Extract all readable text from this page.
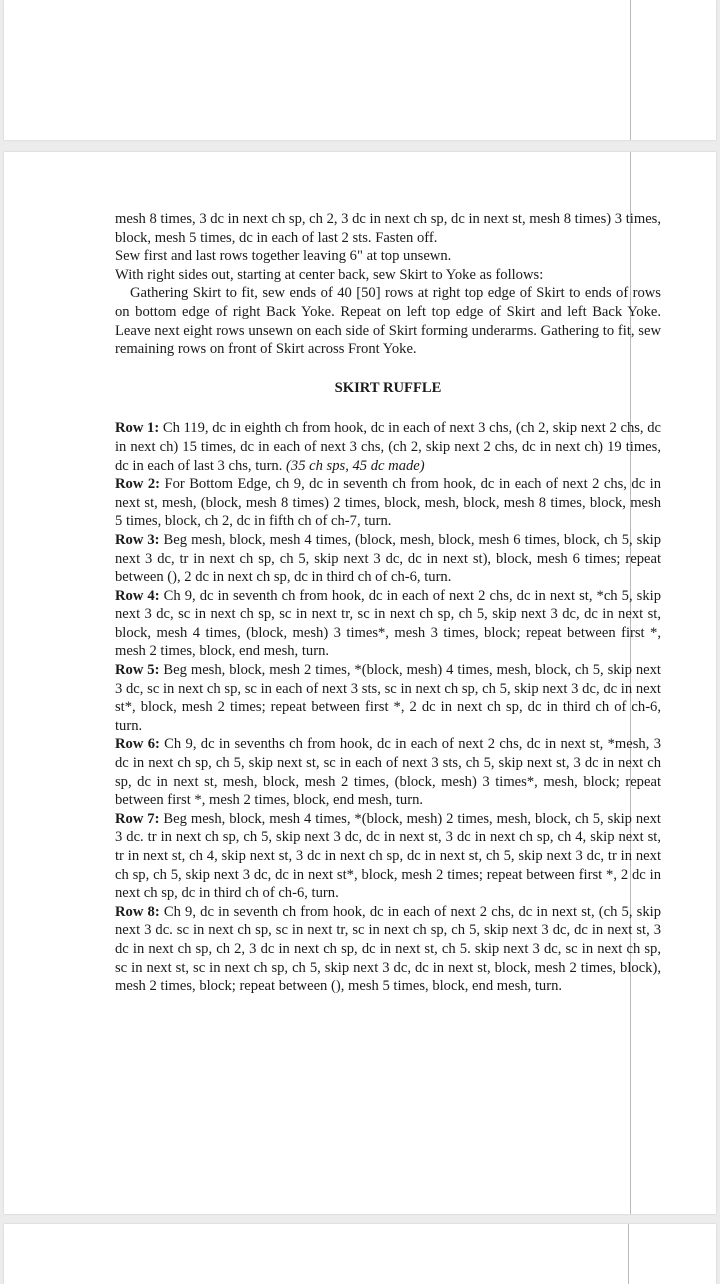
mesh 8 times, 3 dc in next ch sp, ch 2, 3 dc in next ch sp, dc in next st, mesh 8 times) 3 times, block, mesh 5 times, dc in each of last 2 sts. Fasten off.

Sew first and last rows together leaving 6" at top unsewn.

With right sides out, starting at center back, sew Skirt to Yoke as follows:

Gathering Skirt to fit, sew ends of 40 [50] rows at right top edge of Skirt to ends of rows on bottom edge of right Back Yoke. Repeat on left top edge of Skirt and left Back Yoke. Leave next eight rows unsewn on each side of Skirt forming underarms. Gathering to fit, sew remaining rows on front of Skirt across Front Yoke.

SKIRT RUFFLE

Row 1: Ch 119, dc in eighth ch from hook, dc in each of next 3 chs, (ch 2, skip next 2 chs, dc in next ch) 15 times, dc in each of next 3 chs, (ch 2, skip next 2 chs, dc in next ch) 19 times, dc in each of last 3 chs, turn. (35 ch sps, 45 dc made)

Row 2: For Bottom Edge, ch 9, dc in seventh ch from hook, dc in each of next 2 chs, dc in next st, mesh, (block, mesh 8 times) 2 times, block, mesh, block, mesh 8 times, block, mesh 5 times, block, ch 2, dc in fifth ch of ch-7, turn.

Row 3: Beg mesh, block, mesh 4 times, (block, mesh, block, mesh 6 times, block, ch 5, skip next 3 dc, tr in next ch sp, ch 5, skip next 3 dc, dc in next st), block, mesh 6 times; repeat between (), 2 dc in next ch sp, dc in third ch of ch-6, turn.

Row 4: Ch 9, dc in seventh ch from hook, dc in each of next 2 chs, dc in next st, *ch 5, skip next 3 dc, sc in next ch sp, sc in next tr, sc in next ch sp, ch 5, skip next 3 dc, dc in next st, block, mesh 4 times, (block, mesh) 3 times*, mesh 3 times, block; repeat between first *, mesh 2 times, block, end mesh, turn.

Row 5: Beg mesh, block, mesh 2 times, *(block, mesh) 4 times, mesh, block, ch 5, skip next 3 dc, sc in next ch sp, sc in each of next 3 sts, sc in next ch sp, ch 5, skip next 3 dc, dc in next st*, block, mesh 2 times; repeat between first *, 2 dc in next ch sp, dc in third ch of ch-6, turn.

Row 6: Ch 9, dc in sevenths ch from hook, dc in each of next 2 chs, dc in next st, *mesh, 3 dc in next ch sp, ch 5, skip next st, sc in each of next 3 sts, ch 5, skip next st, 3 dc in next ch sp, dc in next st, mesh, block, mesh 2 times, (block, mesh) 3 times*, mesh, block; repeat between first *, mesh 2 times, block, end mesh, turn.

Row 7: Beg mesh, block, mesh 4 times, *(block, mesh) 2 times, mesh, block, ch 5, skip next 3 dc. tr in next ch sp, ch 5, skip next 3 dc, dc in next st, 3 dc in next ch sp, ch 4, skip next st, tr in next st, ch 4, skip next st, 3 dc in next ch sp, dc in next st, ch 5, skip next 3 dc, tr in next ch sp, ch 5, skip next 3 dc, dc in next st*, block, mesh 2 times; repeat between first *, 2 dc in next ch sp, dc in third ch of ch-6, turn.

Row 8: Ch 9, dc in seventh ch from hook, dc in each of next 2 chs, dc in next st, (ch 5, skip next 3 dc. sc in next ch sp, sc in next tr, sc in next ch sp, ch 5, skip next 3 dc, dc in next st, 3 dc in next ch sp, ch 2, 3 dc in next ch sp, dc in next st, ch 5. skip next 3 dc, sc in next ch sp, sc in next st, sc in next ch sp, ch 5, skip next 3 dc, dc in next st, block, mesh 2 times, block), mesh 2 times, block; repeat between (), mesh 5 times, block, end mesh, turn.
